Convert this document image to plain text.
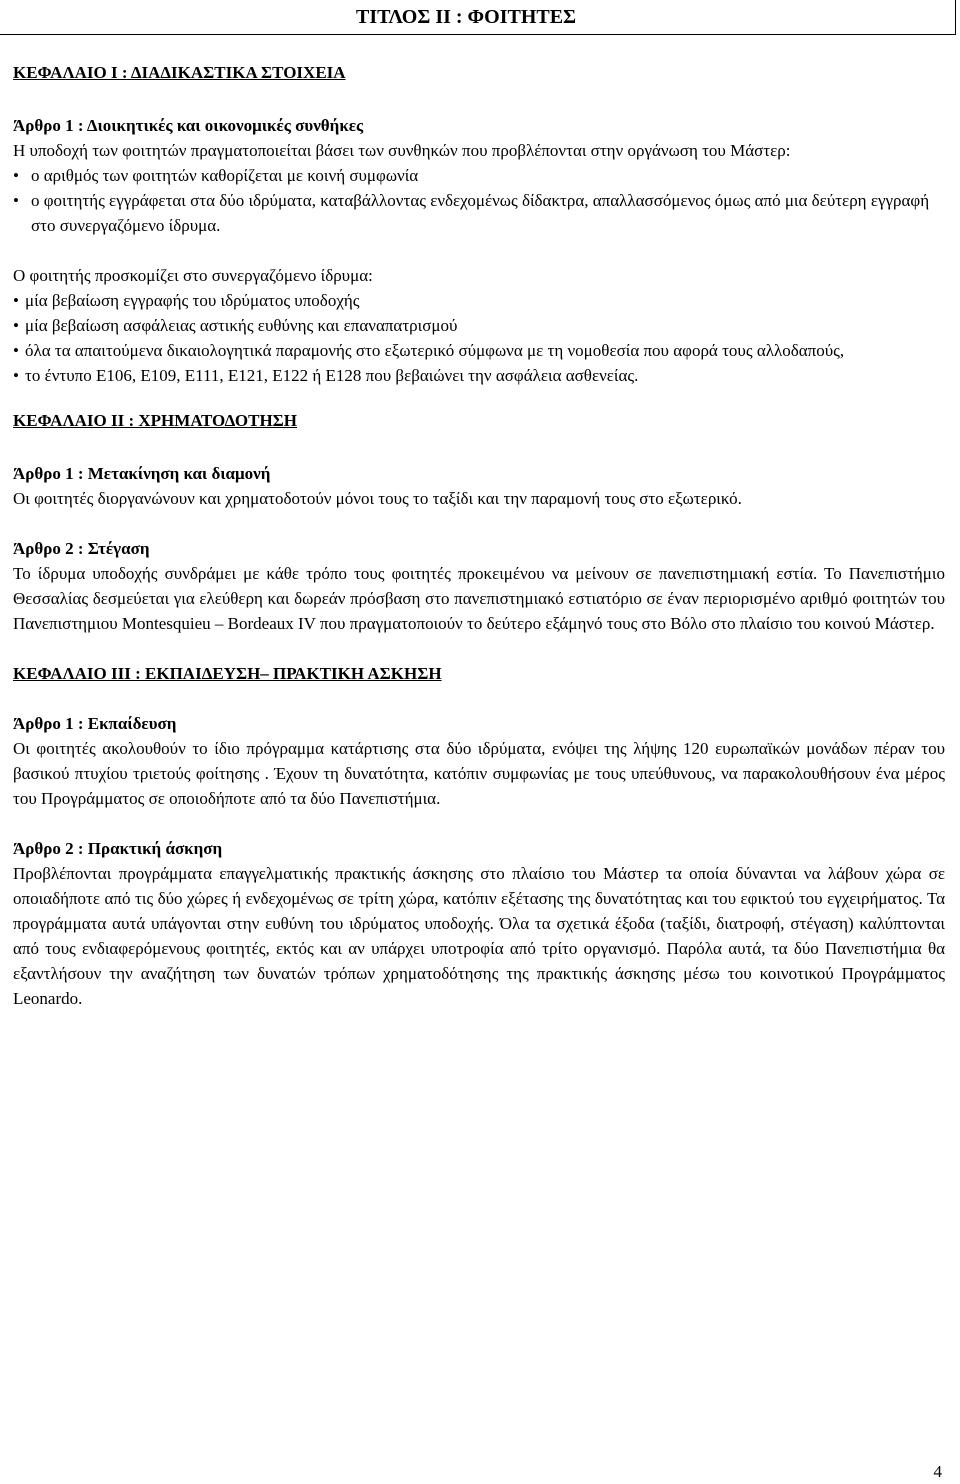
ΤΙΤΛΟΣ ΙΙ : ΦΟΙΤΗΤΕΣ

ΚΕΦΑΛΑΙΟ Ι : ΔΙΑΔΙΚΑΣΤΙΚΑ ΣΤΟΙΧΕΙΑ

Άρθρο 1 : Διοικητικές και οικονομικές συνθήκες

Η υποδοχή των φοιτητών πραγματοποιείται βάσει των συνθηκών που προβλέπονται στην οργάνωση του Μάστερ:

• ο αριθμός των φοιτητών καθορίζεται με κοινή συμφωνία
• ο φοιτητής εγγράφεται στα δύο ιδρύματα, καταβάλλοντας ενδεχομένως δίδακτρα, απαλλασσόμενος όμως από μια δεύτερη εγγραφή στο συνεργαζόμενο ίδρυμα.

Ο φοιτητής προσκομίζει στο συνεργαζόμενο ίδρυμα:

• μία βεβαίωση εγγραφής του ιδρύματος υποδοχής
• μία βεβαίωση ασφάλειας αστικής ευθύνης και επαναπατρισμού
• όλα τα απαιτούμενα δικαιολογητικά παραμονής στο εξωτερικό σύμφωνα με τη νομοθεσία που αφορά τους αλλοδαπούς,
• το έντυπο Ε106, Ε109, Ε111, Ε121, Ε122 ή Ε128 που βεβαιώνει την ασφάλεια ασθενείας.

ΚΕΦΑΛΑΙΟ ΙΙ : ΧΡΗΜΑΤΟΔΟΤΗΣΗ

Άρθρο 1 : Μετακίνηση και διαμονή

Οι φοιτητές διοργανώνουν και χρηματοδοτούν μόνοι τους το ταξίδι και την παραμονή τους στο εξωτερικό.

Άρθρο 2 : Στέγαση

Το ίδρυμα υποδοχής συνδράμει με κάθε τρόπο τους φοιτητές προκειμένου να μείνουν σε πανεπιστημιακή εστία. Το Πανεπιστήμιο Θεσσαλίας δεσμεύεται για ελεύθερη και δωρεάν πρόσβαση στο πανεπιστημιακό εστιατόριο σε έναν περιορισμένο αριθμό φοιτητών του Πανεπιστημιου Montesquieu – Bordeaux IV που πραγματοποιούν το δεύτερο εξάμηνό τους στο Βόλο στο πλαίσιο του κοινού Μάστερ.

ΚΕΦΑΛΑΙΟ ΙΙΙ : ΕΚΠΑΙΔΕΥΣΗ– ΠΡΑΚΤΙΚΗ ΑΣΚΗΣΗ

Άρθρο 1 : Εκπαίδευση

Οι φοιτητές ακολουθούν το ίδιο πρόγραμμα κατάρτισης στα δύο ιδρύματα, ενόψει της λήψης 120 ευρωπαϊκών μονάδων πέραν του βασικού πτυχίου τριετούς φοίτησης . Έχουν τη δυνατότητα, κατόπιν συμφωνίας με τους υπεύθυνους, να παρακολουθήσουν ένα μέρος του Προγράμματος σε οποιοδήποτε από τα δύο Πανεπιστήμια.

Άρθρο 2 : Πρακτική άσκηση

Προβλέπονται προγράμματα επαγγελματικής πρακτικής άσκησης στο πλαίσιο του Μάστερ τα οποία δύνανται να λάβουν χώρα σε οποιαδήποτε από τις δύο χώρες ή ενδεχομένως σε τρίτη χώρα, κατόπιν εξέτασης της δυνατότητας και του εφικτού του εγχειρήματος. Τα προγράμματα αυτά υπάγονται στην ευθύνη του ιδρύματος υποδοχής. Όλα τα σχετικά έξοδα (ταξίδι, διατροφή, στέγαση) καλύπτονται από τους ενδιαφερόμενους φοιτητές, εκτός και αν υπάρχει υποτροφία από τρίτο οργανισμό. Παρόλα αυτά, τα δύο Πανεπιστήμια θα εξαντλήσουν την αναζήτηση των δυνατών τρόπων χρηματοδότησης της πρακτικής άσκησης μέσω του κοινοτικού Προγράμματος Leonardo.

4
